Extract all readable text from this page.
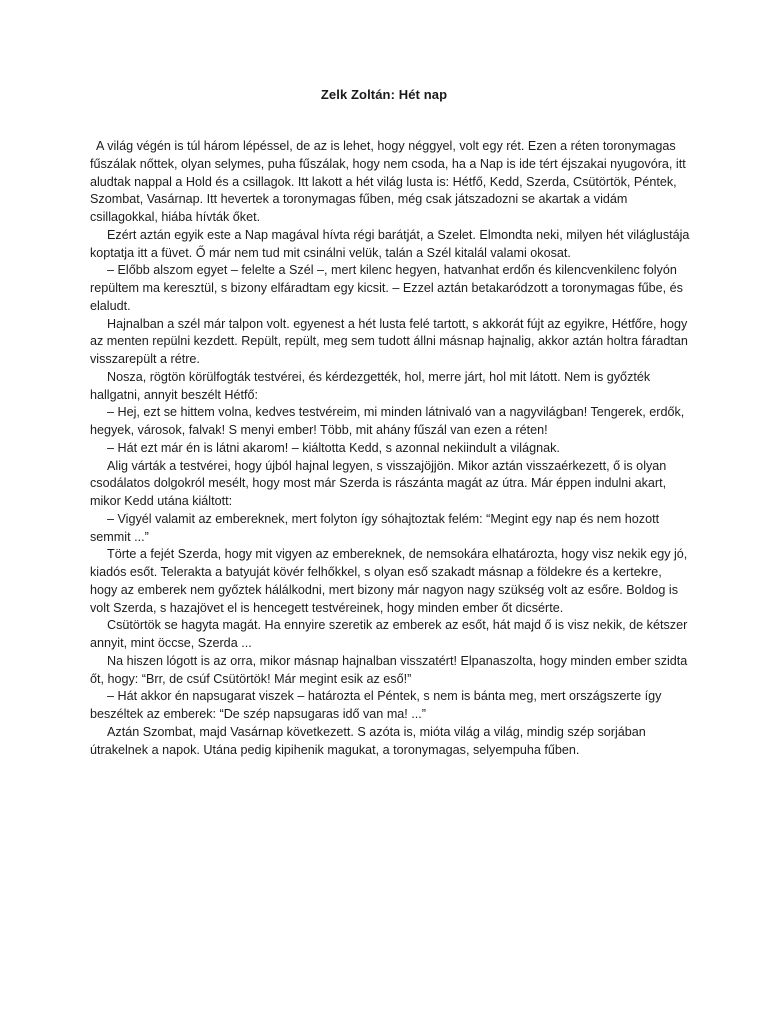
Zelk Zoltán: Hét nap

A világ végén is túl három lépéssel, de az is lehet, hogy néggyel, volt egy rét. Ezen a réten toronymagas fűszálak nőttek, olyan selymes, puha fűszálak, hogy nem csoda, ha a Nap is ide tért éjszakai nyugovóra, itt aludtak nappal a Hold és a csillagok. Itt lakott a hét világ lusta is: Hétfő, Kedd, Szerda, Csütörtök, Péntek, Szombat, Vasárnap. Itt hevertek a toronymagas fűben, még csak játszadozni se akartak a vidám csillagokkal, hiába hívták őket.

Ezért aztán egyik este a Nap magával hívta régi barátját, a Szelet. Elmondta neki, milyen hét világlustája koptatja itt a füvet. Ő már nem tud mit csinálni velük, talán a Szél kitalál valami okosat.

– Előbb alszom egyet – felelte a Szél –, mert kilenc hegyen, hatvanhat erdőn és kilencvenkilenc folyón repültem ma keresztül, s bizony elfáradtam egy kicsit. – Ezzel aztán betakaródzott a toronymagas fűbe, és elaludt.

Hajnalban a szél már talpon volt. egyenest a hét lusta felé tartott, s akkorát fújt az egyikre, Hétfőre, hogy az menten repülni kezdett. Repült, repült, meg sem tudott állni másnap hajnalig, akkor aztán holtra fáradtan visszarepült a rétre.

Nosza, rögtön körülfogták testvérei, és kérdezgették, hol, merre járt, hol mit látott. Nem is győzték hallgatni, annyit beszélt Hétfő:

– Hej, ezt se hittem volna, kedves testvéreim, mi minden látnivaló van a nagyvilágban! Tengerek, erdők, hegyek, városok, falvak! S menyi ember! Több, mit ahány fűszál van ezen a réten!

– Hát ezt már én is látni akarom! – kiáltotta Kedd, s azonnal nekiindult a világnak.

Alig várták a testvérei, hogy újból hajnal legyen, s visszajöjjön. Mikor aztán visszaérkezett, ő is olyan csodálatos dolgokról mesélt, hogy most már Szerda is rászánta magát az útra. Már éppen indulni akart, mikor Kedd utána kiáltott:

– Vigyél valamit az embereknek, mert folyton így sóhajtoztak felém: “Megint egy nap és nem hozott semmit ...”

Törte a fejét Szerda, hogy mit vigyen az embereknek, de nemsokára elhatározta, hogy visz nekik egy jó, kiadós esőt. Telerakta a batyuját kövér felhőkkel, s olyan eső szakadt másnap a földekre és a kertekre, hogy az emberek nem győztek hálálkodni, mert bizony már nagyon nagy szükség volt az esőre. Boldog is volt Szerda, s hazajövet el is hencegett testvéreinek, hogy minden ember őt dicsérte.

Csütörtök se hagyta magát. Ha ennyire szeretik az emberek az esőt, hát majd ő is visz nekik, de kétszer annyit, mint öccse, Szerda ...

Na hiszen lógott is az orra, mikor másnap hajnalban visszatért! Elpanaszolta, hogy minden ember szidta őt, hogy: “Brr, de csúf Csütörtök! Már megint esik az eső!”

– Hát akkor én napsugarat viszek – határozta el Péntek, s nem is bánta meg, mert országszerte így beszéltek az emberek: “De szép napsugaras idő van ma! ...”

Aztán Szombat, majd Vasárnap következett. S azóta is, mióta világ a világ, mindig szép sorjában útrakelnek a napok. Utána pedig kipihenik magukat, a toronymagas, selyempuha fűben.
